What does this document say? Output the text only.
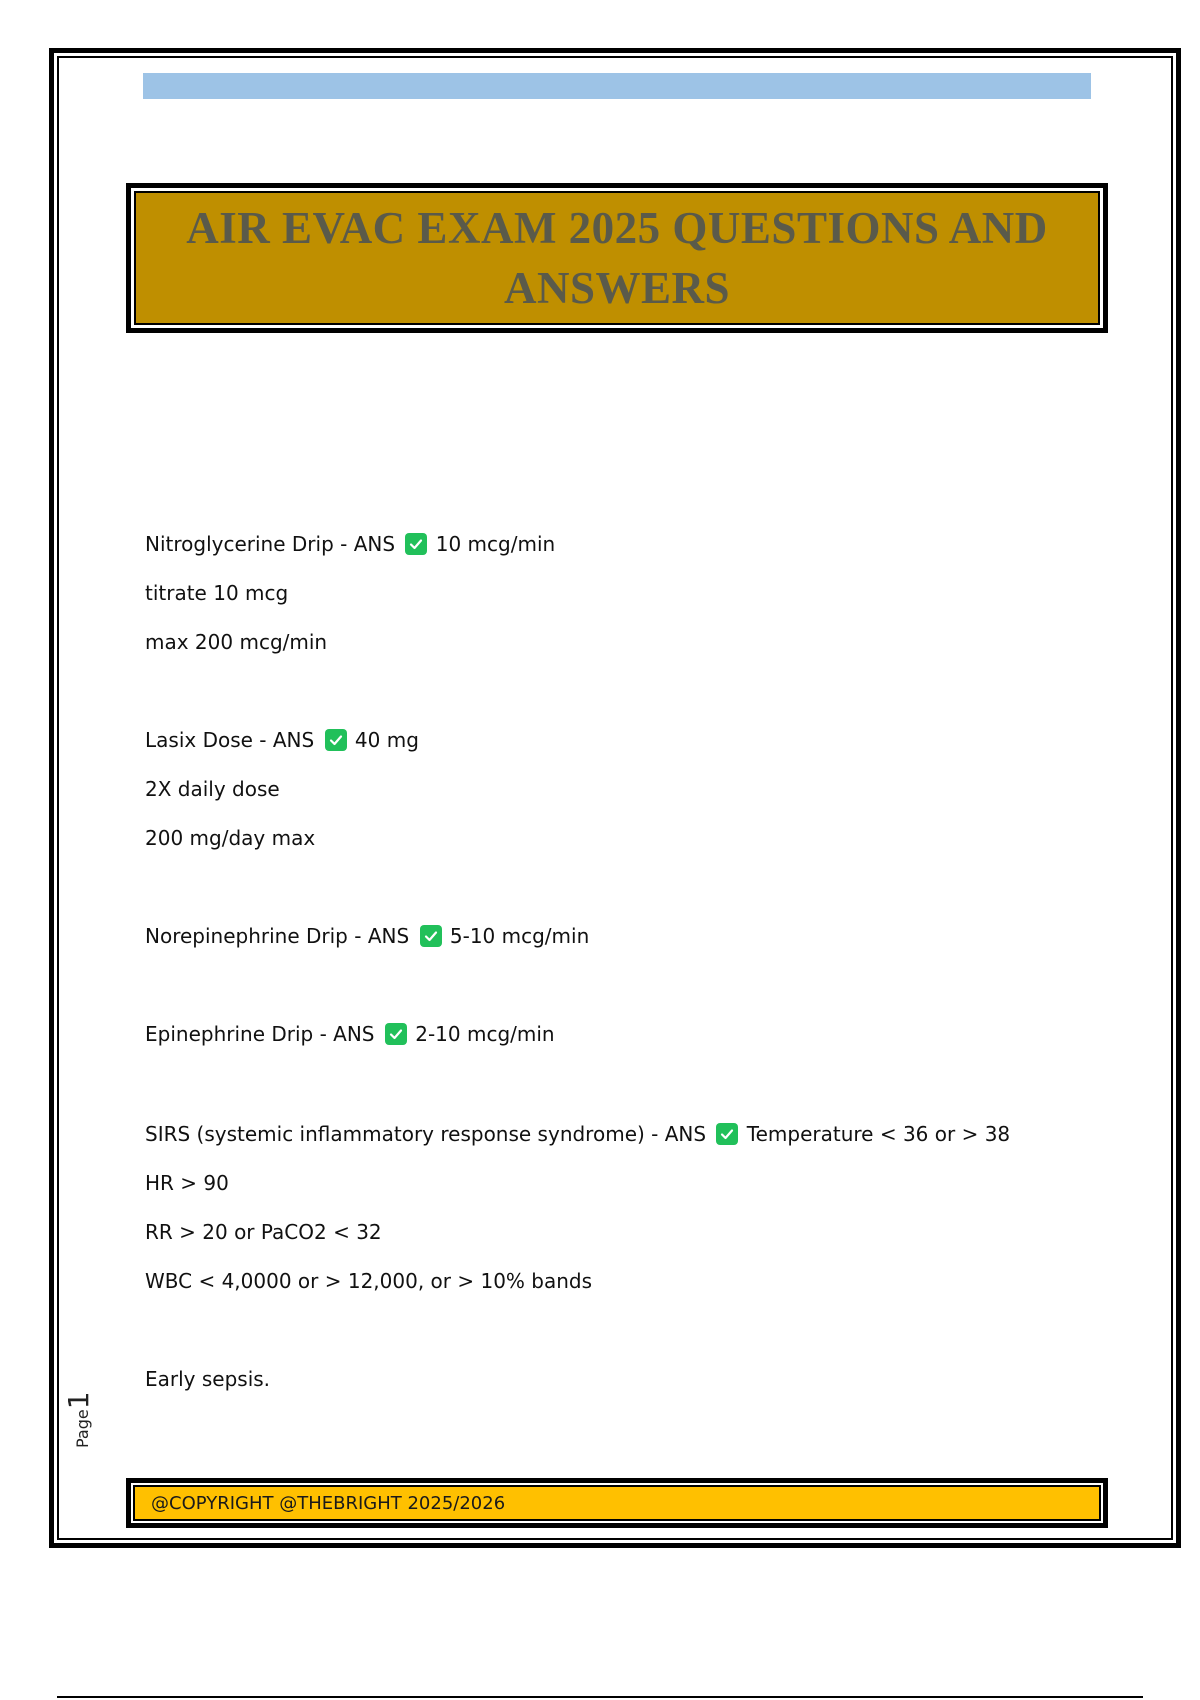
AIR EVAC EXAM 2025 QUESTIONS AND
ANSWERS
Nitroglycerine Drip - ANS 10 mcg/min
titrate 10 mcg
max 200 mcg/min
Lasix Dose - ANS 40 mg
2X daily dose
200 mg/day max
Norepinephrine Drip - ANS 5-10 mcg/min
Epinephrine Drip - ANS 2-10 mcg/min
SIRS (systemic inflammatory response syndrome) - ANS Temperature < 36 or > 38
HR > 90
RR > 20 or PaCO2 < 32
WBC < 4,0000 or > 12,000, or > 10% bands
Early sepsis.
Page1
@COPYRIGHT @THEBRIGHT 2025/2026
